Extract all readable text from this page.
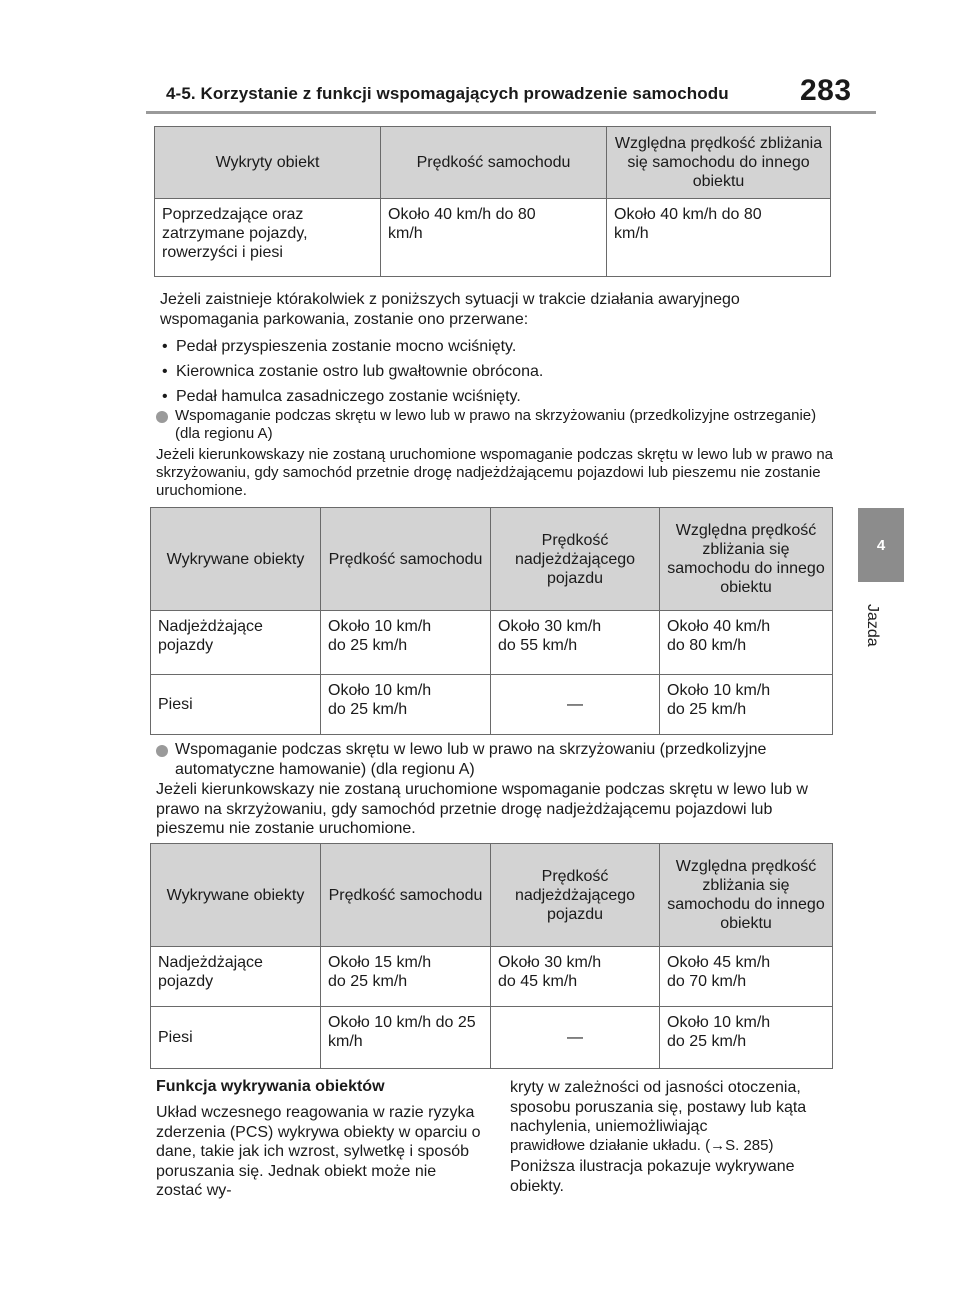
4-5. Korzystanie z funkcji wspomagających prowadzenie samochodu 283
4
Jazda
Wykryty obiekt	Prędkość samochodu	Względna prędkość zbliżania się samochodu do innego obiektu
Poprzedzające oraz zatrzymane pojazdy, rowerzyści i piesi	Około 40 km/h do 80 km/h	Około 40 km/h do 80 km/h

Jeżeli zaistnieje którakolwiek z poniższych sytuacji w trakcie działania awaryjnego wspomagania parkowania, zostanie ono przerwane:

• Pedał przyspieszenia zostanie mocno wciśnięty.
• Kierownica zostanie ostro lub gwałtownie obrócona.
• Pedał hamulca zasadniczego zostanie wciśnięty.

Wspomaganie podczas skrętu w lewo lub w prawo na skrzyżowaniu (przedkolizyjne ostrzeganie) (dla regionu A)

Jeżeli kierunkowskazy nie zostaną uruchomione wspomaganie podczas skrętu w lewo lub w prawo na skrzyżowaniu, gdy samochód przetnie drogę nadjeżdżającemu pojazdowi lub pieszemu nie zostanie uruchomione.

Wykrywane obiekty	Prędkość samochodu	Prędkość nadjeżdżającego pojazdu	Względna prędkość zbliżania się samochodu do innego obiektu
Nadjeżdżające pojazdy	Około 10 km/h do 25 km/h	Około 30 km/h do 55 km/h	Około 40 km/h do 80 km/h
Piesi	Około 10 km/h do 25 km/h	—	Około 10 km/h do 25 km/h

Wspomaganie podczas skrętu w lewo lub w prawo na skrzyżowaniu (przedkolizyjne automatyczne hamowanie) (dla regionu A)

Jeżeli kierunkowskazy nie zostaną uruchomione wspomaganie podczas skrętu w lewo lub w prawo na skrzyżowaniu, gdy samochód przetnie drogę nadjeżdżającemu pojazdowi lub pieszemu nie zostanie uruchomione.

Wykrywane obiekty	Prędkość samochodu	Prędkość nadjeżdżającego pojazdu	Względna prędkość zbliżania się samochodu do innego obiektu
Nadjeżdżające pojazdy	Około 15 km/h do 25 km/h	Około 30 km/h do 45 km/h	Około 45 km/h do 70 km/h
Piesi	Około 10 km/h do 25 km/h	—	Około 10 km/h do 25 km/h
Funkcja wykrywania obiektów

Układ wczesnego reagowania w razie ryzyka zderzenia (PCS) wykrywa obiekty w oparciu o dane, takie jak ich wzrost, sylwetkę i sposób poruszania się. Jednak obiekt może nie zostać wy-

kryty w zależności od jasności otoczenia, sposobu poruszania się, postawy lub kąta nachylenia, uniemożliwiając

prawidłowe działanie układu. (→S. 285)

Poniższa ilustracja pokazuje wykrywane obiekty.
